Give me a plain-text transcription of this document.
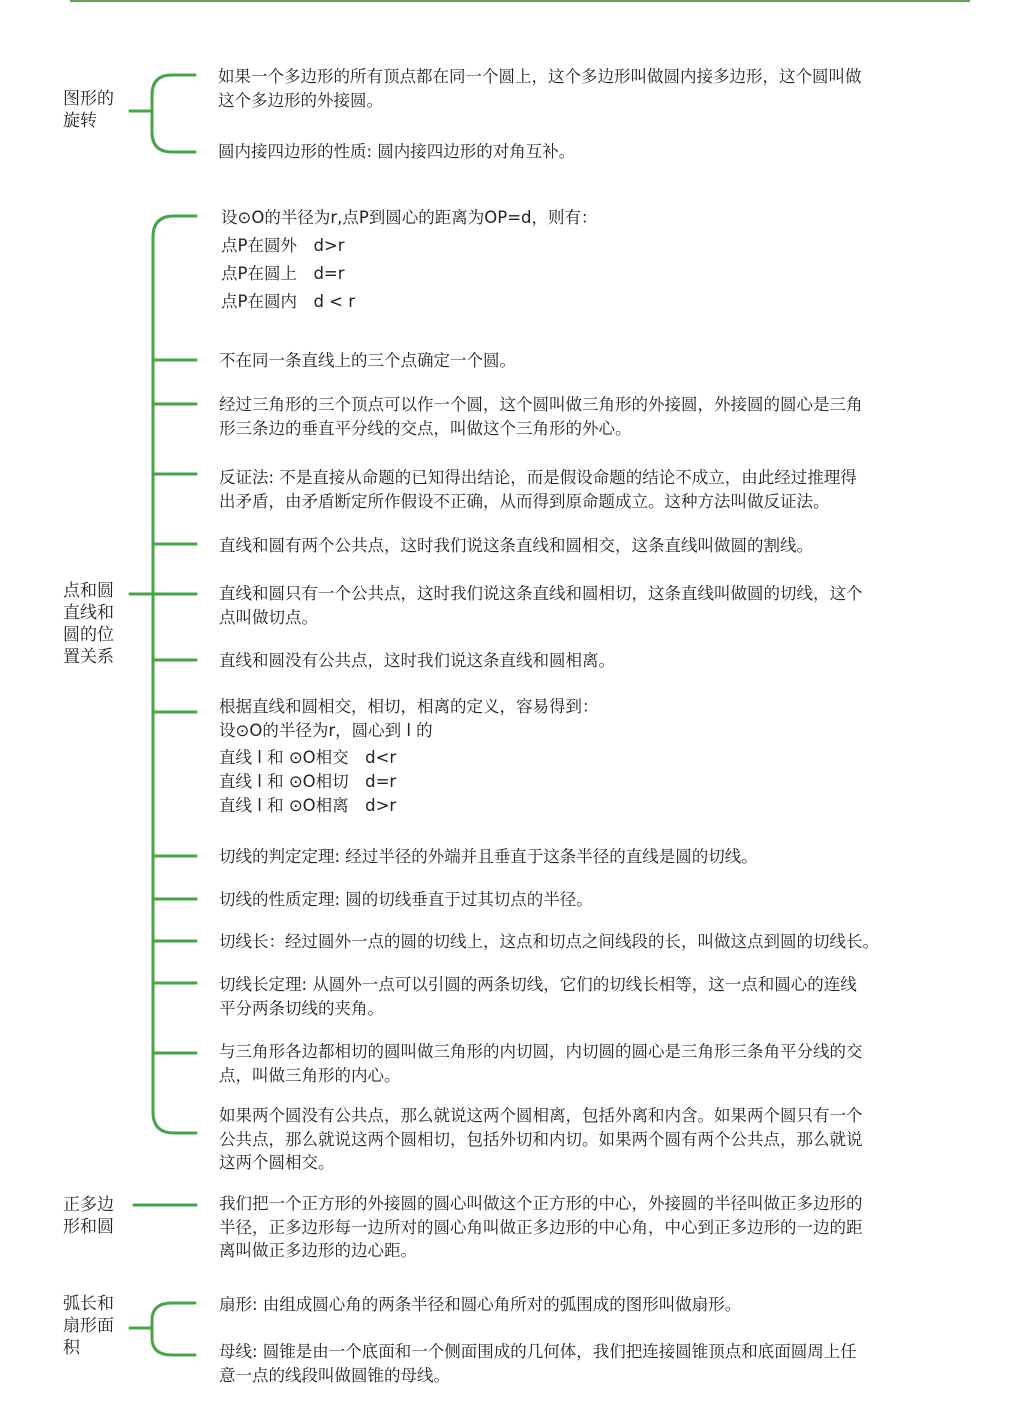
图形的
旋转

如果一个多边形的所有顶点都在同一个圆上，这个多边形叫做圆内接多边形，这个圆叫做
这个多边形的外接圆。

圆内接四边形的性质: 圆内接四边形的对角互补。

点和圆
直线和
圆的位
置关系

设⊙O的半径为r,点P到圆心的距离为OP=d，则有：

点P在圆外　d>r

点P在圆上　d=r

点P在圆内　d < r

不在同一条直线上的三个点确定一个圆。

经过三角形的三个顶点可以作一个圆，这个圆叫做三角形的外接圆，外接圆的圆心是三角
形三条边的垂直平分线的交点，叫做这个三角形的外心。

反证法: 不是直接从命题的已知得出结论，而是假设命题的结论不成立，由此经过推理得
出矛盾，由矛盾断定所作假设不正确，从而得到原命题成立。这种方法叫做反证法。

直线和圆有两个公共点，这时我们说这条直线和圆相交，这条直线叫做圆的割线。

直线和圆只有一个公共点，这时我们说这条直线和圆相切，这条直线叫做圆的切线，这个
点叫做切点。

直线和圆没有公共点，这时我们说这条直线和圆相离。

根据直线和圆相交，相切，相离的定义，容易得到：
设⊙O的半径为r，圆心到 l 的

直线 l 和 ⊙O相交　d<r

直线 l 和 ⊙O相切　d=r

直线 l 和 ⊙O相离　d>r

切线的判定定理: 经过半径的外端并且垂直于这条半径的直线是圆的切线。

切线的性质定理: 圆的切线垂直于过其切点的半径。

切线长：经过圆外一点的圆的切线上，这点和切点之间线段的长，叫做这点到圆的切线长。

切线长定理: 从圆外一点可以引圆的两条切线，它们的切线长相等，这一点和圆心的连线
平分两条切线的夹角。

与三角形各边都相切的圆叫做三角形的内切圆，内切圆的圆心是三角形三条角平分线的交
点，叫做三角形的内心。

如果两个圆没有公共点，那么就说这两个圆相离，包括外离和内含。如果两个圆只有一个
公共点，那么就说这两个圆相切，包括外切和内切。如果两个圆有两个公共点，那么就说
这两个圆相交。

正多边
形和圆

我们把一个正方形的外接圆的圆心叫做这个正方形的中心，外接圆的半径叫做正多边形的
半径，正多边形每一边所对的圆心角叫做正多边形的中心角，中心到正多边形的一边的距
离叫做正多边形的边心距。

弧长和
扇形面
积

扇形: 由组成圆心角的两条半径和圆心角所对的弧围成的图形叫做扇形。

母线: 圆锥是由一个底面和一个侧面围成的几何体，我们把连接圆锥顶点和底面圆周上任
意一点的线段叫做圆锥的母线。
